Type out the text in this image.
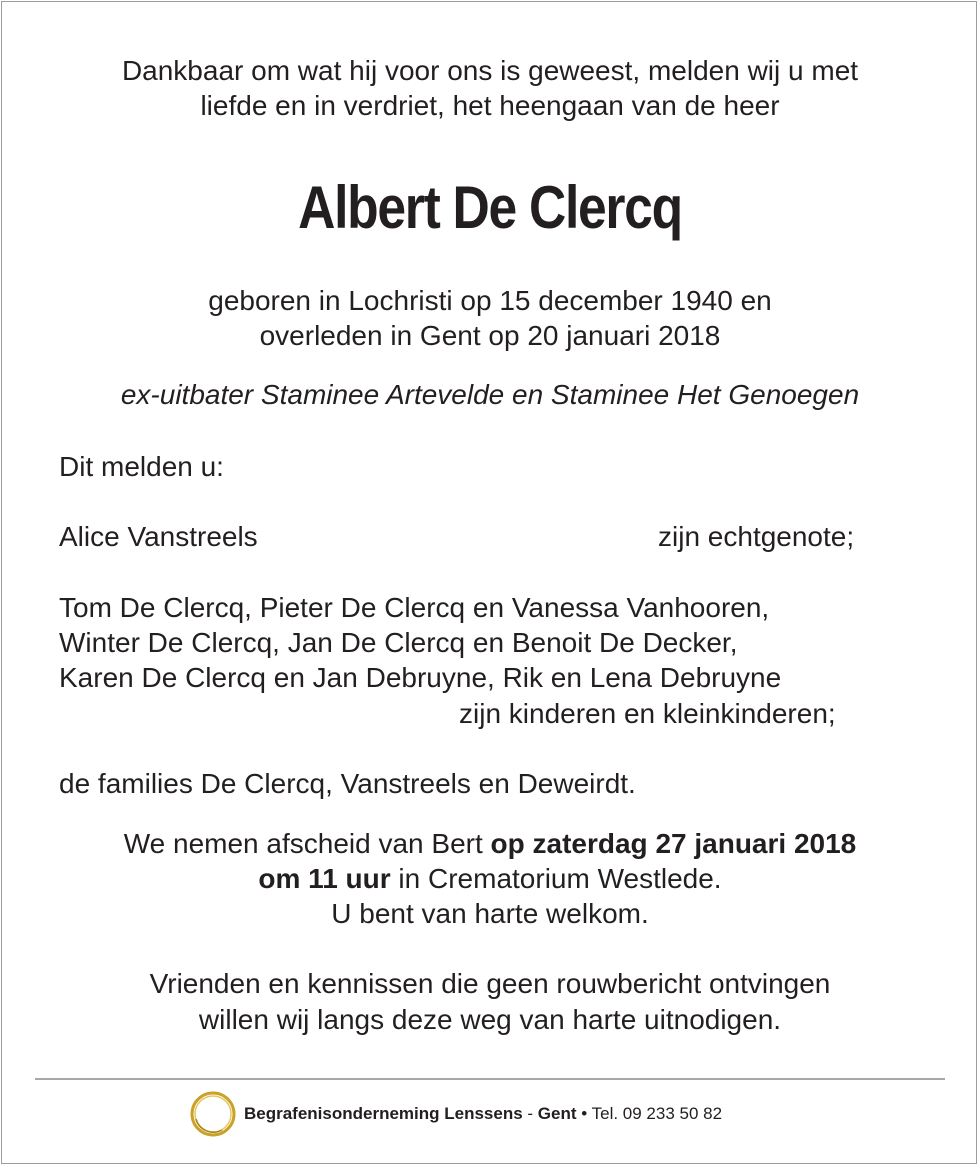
Dankbaar om wat hij voor ons is geweest, melden wij u met
liefde en in verdriet, het heengaan van de heer
Albert De Clercq
geboren in Lochristi op 15 december 1940 en
overleden in Gent op 20 januari 2018
ex-uitbater Staminee Artevelde en Staminee Het Genoegen
Dit melden u:
Alice Vanstreels	zijn echtgenote;
Tom De Clercq, Pieter De Clercq en Vanessa Vanhooren,
Winter De Clercq, Jan De Clercq en Benoit De Decker,
Karen De Clercq en Jan Debruyne, Rik en Lena Debruyne
zijn kinderen en kleinkinderen;
de families De Clercq, Vanstreels en Deweirdt.
We nemen afscheid van Bert op zaterdag 27 januari 2018
om 11 uur in Crematorium Westlede.
U bent van harte welkom.
Vrienden en kennissen die geen rouwbericht ontvingen
willen wij langs deze weg van harte uitnodigen.
Begrafenisonderneming Lenssens - Gent • Tel. 09 233 50 82
